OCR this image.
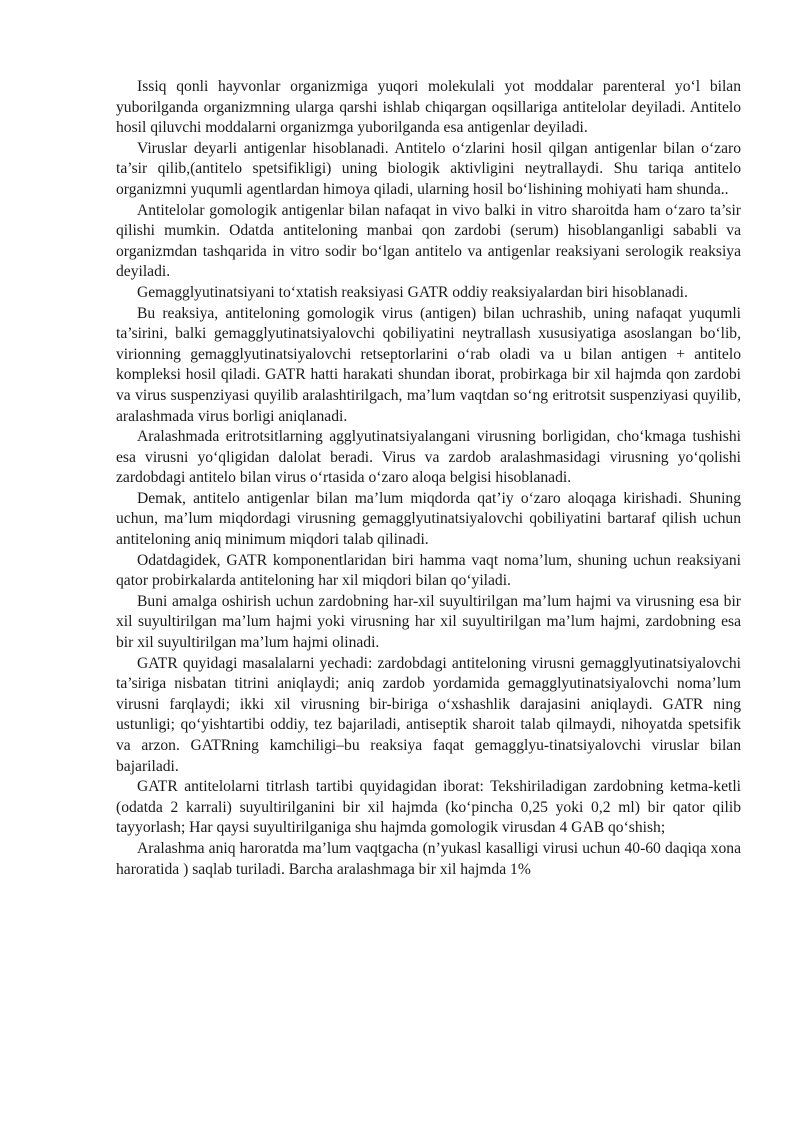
Issiq qonli hayvonlar organizmiga yuqori molekulali yot moddalar parenteral yo‘l bilan yuborilganda organizmning ularga qarshi ishlab chiqargan oqsillariga antitelolar deyiladi. Antitelo hosil qiluvchi moddalarni organizmga yuborilganda esa antigenlar deyiladi.

Viruslar deyarli antigenlar hisoblanadi. Antitelo o‘zlarini hosil qilgan antigenlar bilan o‘zaro ta’sir qilib,(antitelo spetsifikligi) uning biologik aktivligini neytrallaydi. Shu tariqa antitelo organizmni yuqumli agentlardan himoya qiladi, ularning hosil bo‘lishining mohiyati ham shunda..

Antitelolar gomologik antigenlar bilan nafaqat in vivo balki in vitro sharoitda ham o‘zaro ta’sir qilishi mumkin. Odatda antiteloning manbai qon zardobi (serum) hisoblanganligi sababli va organizmdan tashqarida in vitro sodir bo‘lgan antitelo va antigenlar reaksiyani serologik reaksiya deyiladi.

Gemagglyutinatsiyani to‘xtatish reaksiyasi GATR oddiy reaksiyalardan biri hisoblanadi.

Bu reaksiya, antiteloning gomologik virus (antigen) bilan uchrashib, uning nafaqat yuqumli ta’sirini, balki gemagglyutinatsiyalovchi qobiliyatini neytrallash xususiyatiga asoslangan bo‘lib, virionning gemagglyutinatsiyalovchi retseptorlarini o‘rab oladi va u bilan antigen + antitelo kompleksi hosil qiladi. GATR hatti harakati shundan iborat, probirkaga bir xil hajmda qon zardobi va virus suspenziyasi quyilib aralashtirilgach, ma’lum vaqtdan so‘ng eritrotsit suspenziyasi quyilib, aralashmada virus borligi aniqlanadi.

Aralashmada eritrotsitlarning agglyutinatsiyalangani virusning borligidan, cho‘kmaga tushishi esa virusni yo‘qligidan dalolat beradi. Virus va zardob aralashmasidagi virusning yo‘qolishi zardobdagi antitelo bilan virus o‘rtasida o‘zaro aloqa belgisi hisoblanadi.

Demak, antitelo antigenlar bilan ma’lum miqdorda qat’iy o‘zaro aloqaga kirishadi. Shuning uchun, ma’lum miqdordagi virusning gemagglyutinatsiyalovchi qobiliyatini bartaraf qilish uchun antiteloning aniq minimum miqdori talab qilinadi.

Odatdagidek, GATR komponentlaridan biri hamma vaqt noma’lum, shuning uchun reaksiyani qator probirkalarda antiteloning har xil miqdori bilan qo‘yiladi.

Buni amalga oshirish uchun zardobning har-xil suyultirilgan ma’lum hajmi va virusning esa bir xil suyultirilgan ma’lum hajmi yoki virusning har xil suyultirilgan ma’lum hajmi, zardobning esa bir xil suyultirilgan ma’lum hajmi olinadi.

GATR quyidagi masalalarni yechadi: zardobdagi antiteloning virusni gemagglyutinatsiyalovchi ta’siriga nisbatan titrini aniqlaydi; aniq zardob yordamida gemagglyutinatsiyalovchi noma’lum virusni farqlaydi; ikki xil virusning bir-biriga o‘xshashlik darajasini aniqlaydi. GATR ning ustunligi; qo‘yishtartibi oddiy, tez bajariladi, antiseptik sharoit talab qilmaydi, nihoyatda spetsifik va arzon. GATRning kamchiligi–bu reaksiya faqat gemagglyu-tinatsiyalovchi viruslar bilan bajariladi.

GATR antitelolarni titrlash tartibi quyidagidan iborat: Tekshiriladigan zardobning ketma-ketli (odatda 2 karrali) suyultirilganini bir xil hajmda (ko‘pincha 0,25 yoki 0,2 ml) bir qator qilib tayyorlash; Har qaysi suyultirilganiga shu hajmda gomologik virusdan 4 GAB qo‘shish;

Aralashma aniq haroratda ma’lum vaqtgacha (n’yukasl kasalligi virusi uchun 40-60 daqiqa xona haroratida ) saqlab turiladi. Barcha aralashmaga bir xil hajmda 1%
